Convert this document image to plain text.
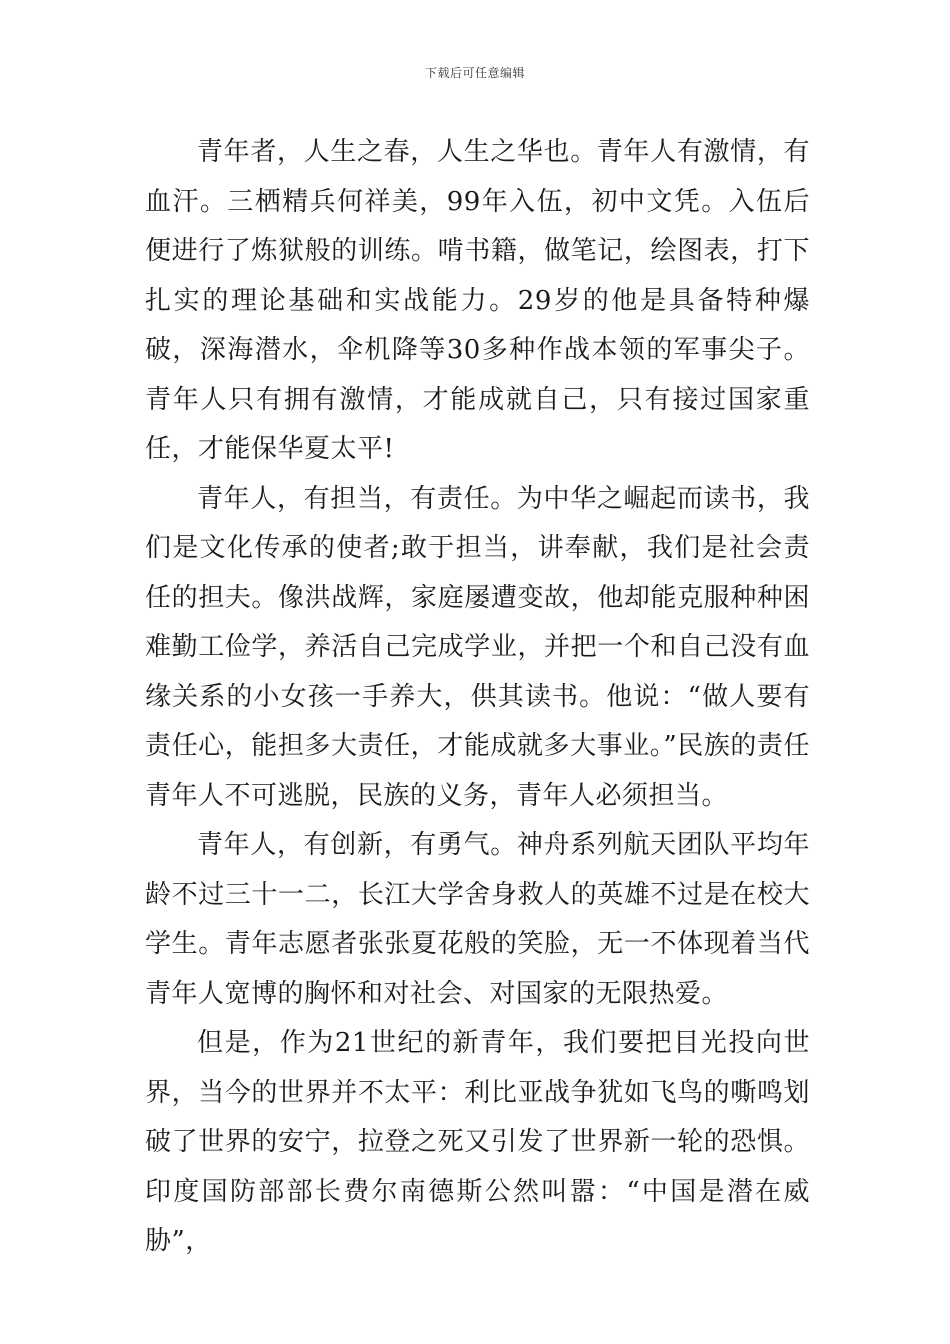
下载后可任意编辑

青年者，人生之春，人生之华也。青年人有激情，有血汗。三栖精兵何祥美，99年入伍，初中文凭。入伍后便进行了炼狱般的训练。啃书籍，做笔记，绘图表，打下扎实的理论基础和实战能力。29岁的他是具备特种爆破，深海潜水，伞机降等30多种作战本领的军事尖子。青年人只有拥有激情，才能成就自己，只有接过国家重任，才能保华夏太平!

青年人，有担当，有责任。为中华之崛起而读书，我们是文化传承的使者;敢于担当，讲奉献，我们是社会责任的担夫。像洪战辉，家庭屡遭变故，他却能克服种种困难勤工俭学，养活自己完成学业，并把一个和自己没有血缘关系的小女孩一手养大，供其读书。他说：“做人要有责任心，能担多大责任，才能成就多大事业。”民族的责任青年人不可逃脱，民族的义务，青年人必须担当。

青年人，有创新，有勇气。神舟系列航天团队平均年龄不过三十一二，长江大学舍身救人的英雄不过是在校大学生。青年志愿者张张夏花般的笑脸，无一不体现着当代青年人宽博的胸怀和对社会、对国家的无限热爱。

但是，作为21世纪的新青年，我们要把目光投向世界，当今的世界并不太平：利比亚战争犹如飞鸟的嘶鸣划破了世界的安宁，拉登之死又引发了世界新一轮的恐惧。印度国防部部长费尔南德斯公然叫嚣：“中国是潜在威胁”，
